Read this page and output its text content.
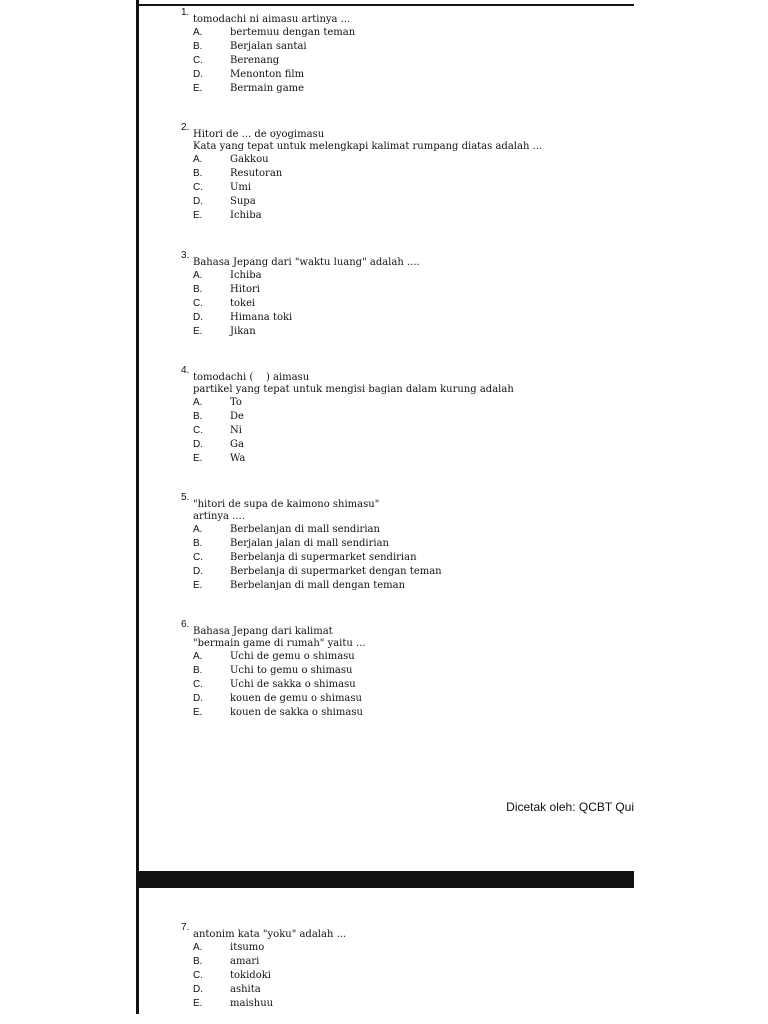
1.
tomodachi ni aimasu artinya ...
A.	bertemuu dengan teman
B.	Berjalan santai
C.	Berenang
D.	Menonton film
E.	Bermain game
2.
Hitori de ... de oyogimasu
Kata yang tepat untuk melengkapi kalimat rumpang diatas adalah ...
A.	Gakkou
B.	Resutoran
C.	Umi
D.	Supa
E.	Ichiba
3.
Bahasa Jepang dari "waktu luang" adalah ....
A.	Ichiba
B.	Hitori
C.	tokei
D.	Himana toki
E.	Jikan
4.
tomodachi (    ) aimasu
partikel yang tepat untuk mengisi bagian dalam kurung adalah
A.	To
B.	De
C.	Ni
D.	Ga
E.	Wa
5.
"hitori de supa de kaimono shimasu"
artinya ....
A.	Berbelanjan di mall sendirian
B.	Berjalan jalan di mall sendirian
C.	Berbelanja di supermarket sendirian
D.	Berbelanja di supermarket dengan teman
E.	Berbelanjan di mall dengan teman
6.
Bahasa Jepang dari kalimat
"bermain game di rumah" yaitu ...
A.	Uchi de gemu o shimasu
B.	Uchi to gemu o shimasu
C.	Uchi de sakka o shimasu
D.	kouen de gemu o shimasu
E.	kouen de sakka o shimasu
Dicetak oleh: QCBT Qui
7.
antonim kata "yoku" adalah ...
A.	itsumo
B.	amari
C.	tokidoki
D.	ashita
E.	maishuu
